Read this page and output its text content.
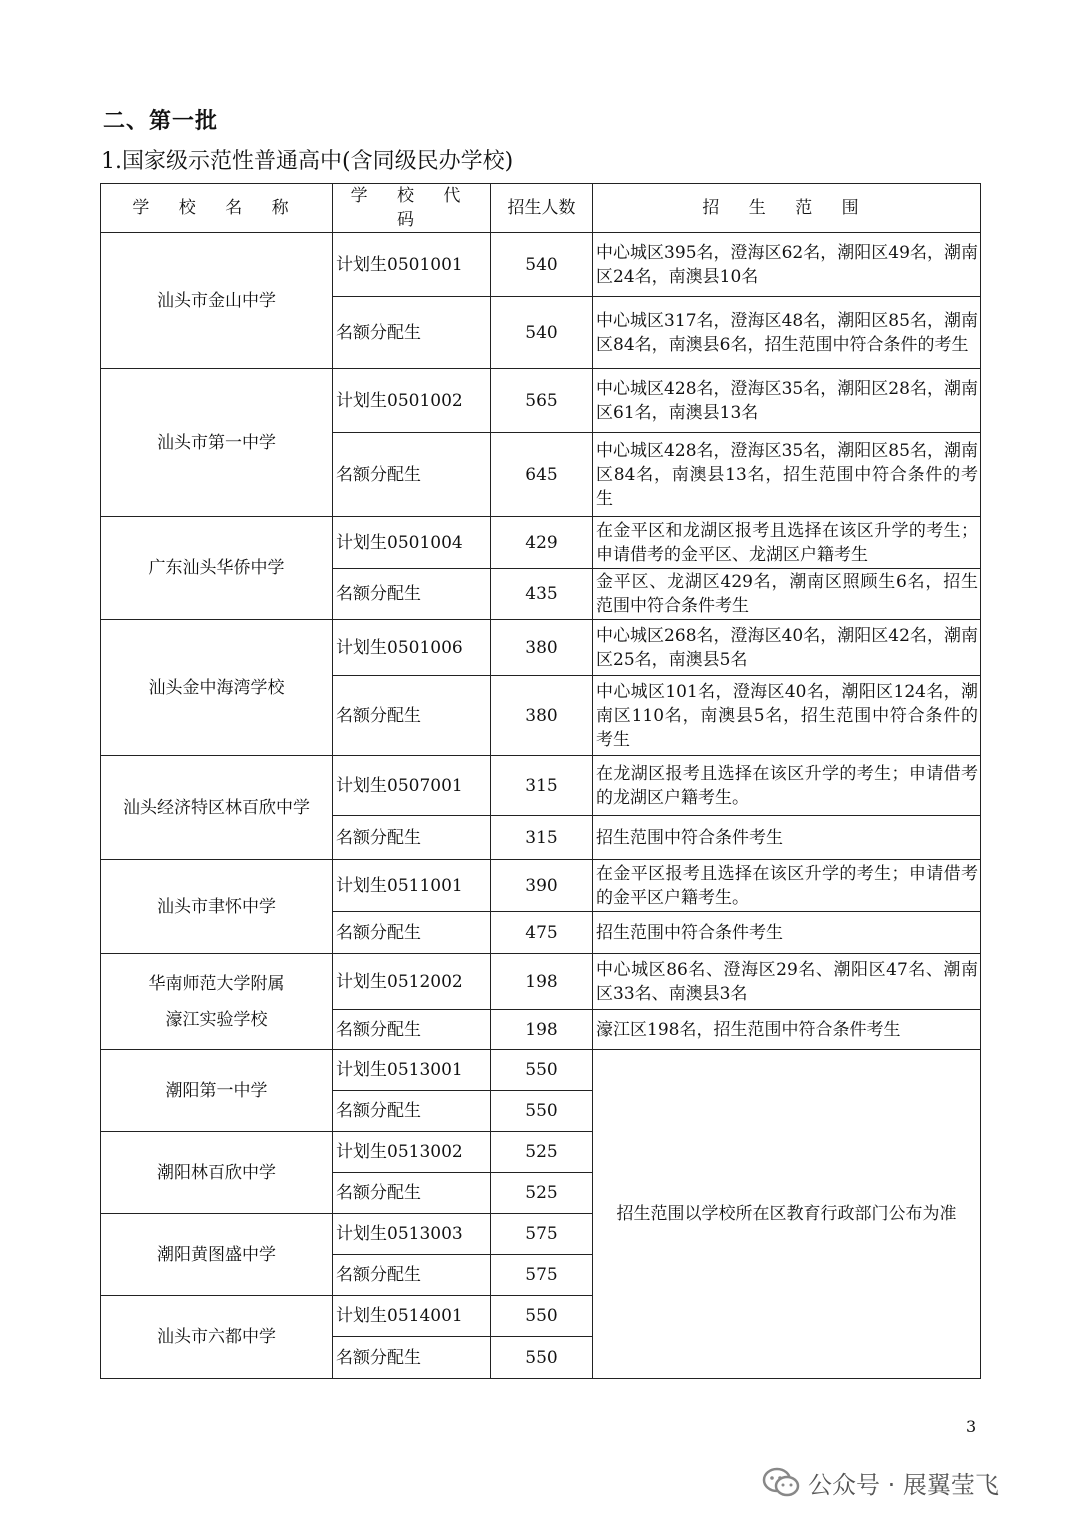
二、第一批

1.国家级示范性普通高中(含同级民办学校)

学 校 名 称	学 校 代 码	招生人数	招 生 范 围
汕头市金山中学	计划生0501001	540	中心城区395名，澄海区62名，潮阳区49名，潮南区24名，南澳县10名
	名额分配生	540	中心城区317名，澄海区48名，潮阳区85名，潮南区84名，南澳县6名，招生范围中符合条件的考生
汕头市第一中学	计划生0501002	565	中心城区428名，澄海区35名，潮阳区28名，潮南区61名，南澳县13名
	名额分配生	645	中心城区428名，澄海区35名，潮阳区85名，潮南区84名，南澳县13名，招生范围中符合条件的考生
广东汕头华侨中学	计划生0501004	429	在金平区和龙湖区报考且选择在该区升学的考生；申请借考的金平区、龙湖区户籍考生
	名额分配生	435	金平区、龙湖区429名，潮南区照顾生6名，招生范围中符合条件考生
汕头金中海湾学校	计划生0501006	380	中心城区268名，澄海区40名，潮阳区42名，潮南区25名，南澳县5名
	名额分配生	380	中心城区101名，澄海区40名，潮阳区124名，潮南区110名，南澳县5名，招生范围中符合条件的考生
汕头经济特区林百欣中学	计划生0507001	315	在龙湖区报考且选择在该区升学的考生；申请借考的龙湖区户籍考生。
	名额分配生	315	招生范围中符合条件考生
汕头市聿怀中学	计划生0511001	390	在金平区报考且选择在该区升学的考生；申请借考的金平区户籍考生。
	名额分配生	475	招生范围中符合条件考生
华南师范大学附属
濠江实验学校	计划生0512002	198	中心城区86名、澄海区29名、潮阳区47名、潮南区33名、南澳县3名
	名额分配生	198	濠江区198名，招生范围中符合条件考生
潮阳第一中学	计划生0513001	550	招生范围以学校所在区教育行政部门公布为准
	名额分配生	550	
潮阳林百欣中学	计划生0513002	525	
	名额分配生	525	
潮阳黄图盛中学	计划生0513003	575	
	名额分配生	575	
汕头市六都中学	计划生0514001	550	
	名额分配生	550	
3
公众号 · 展翼莹飞
